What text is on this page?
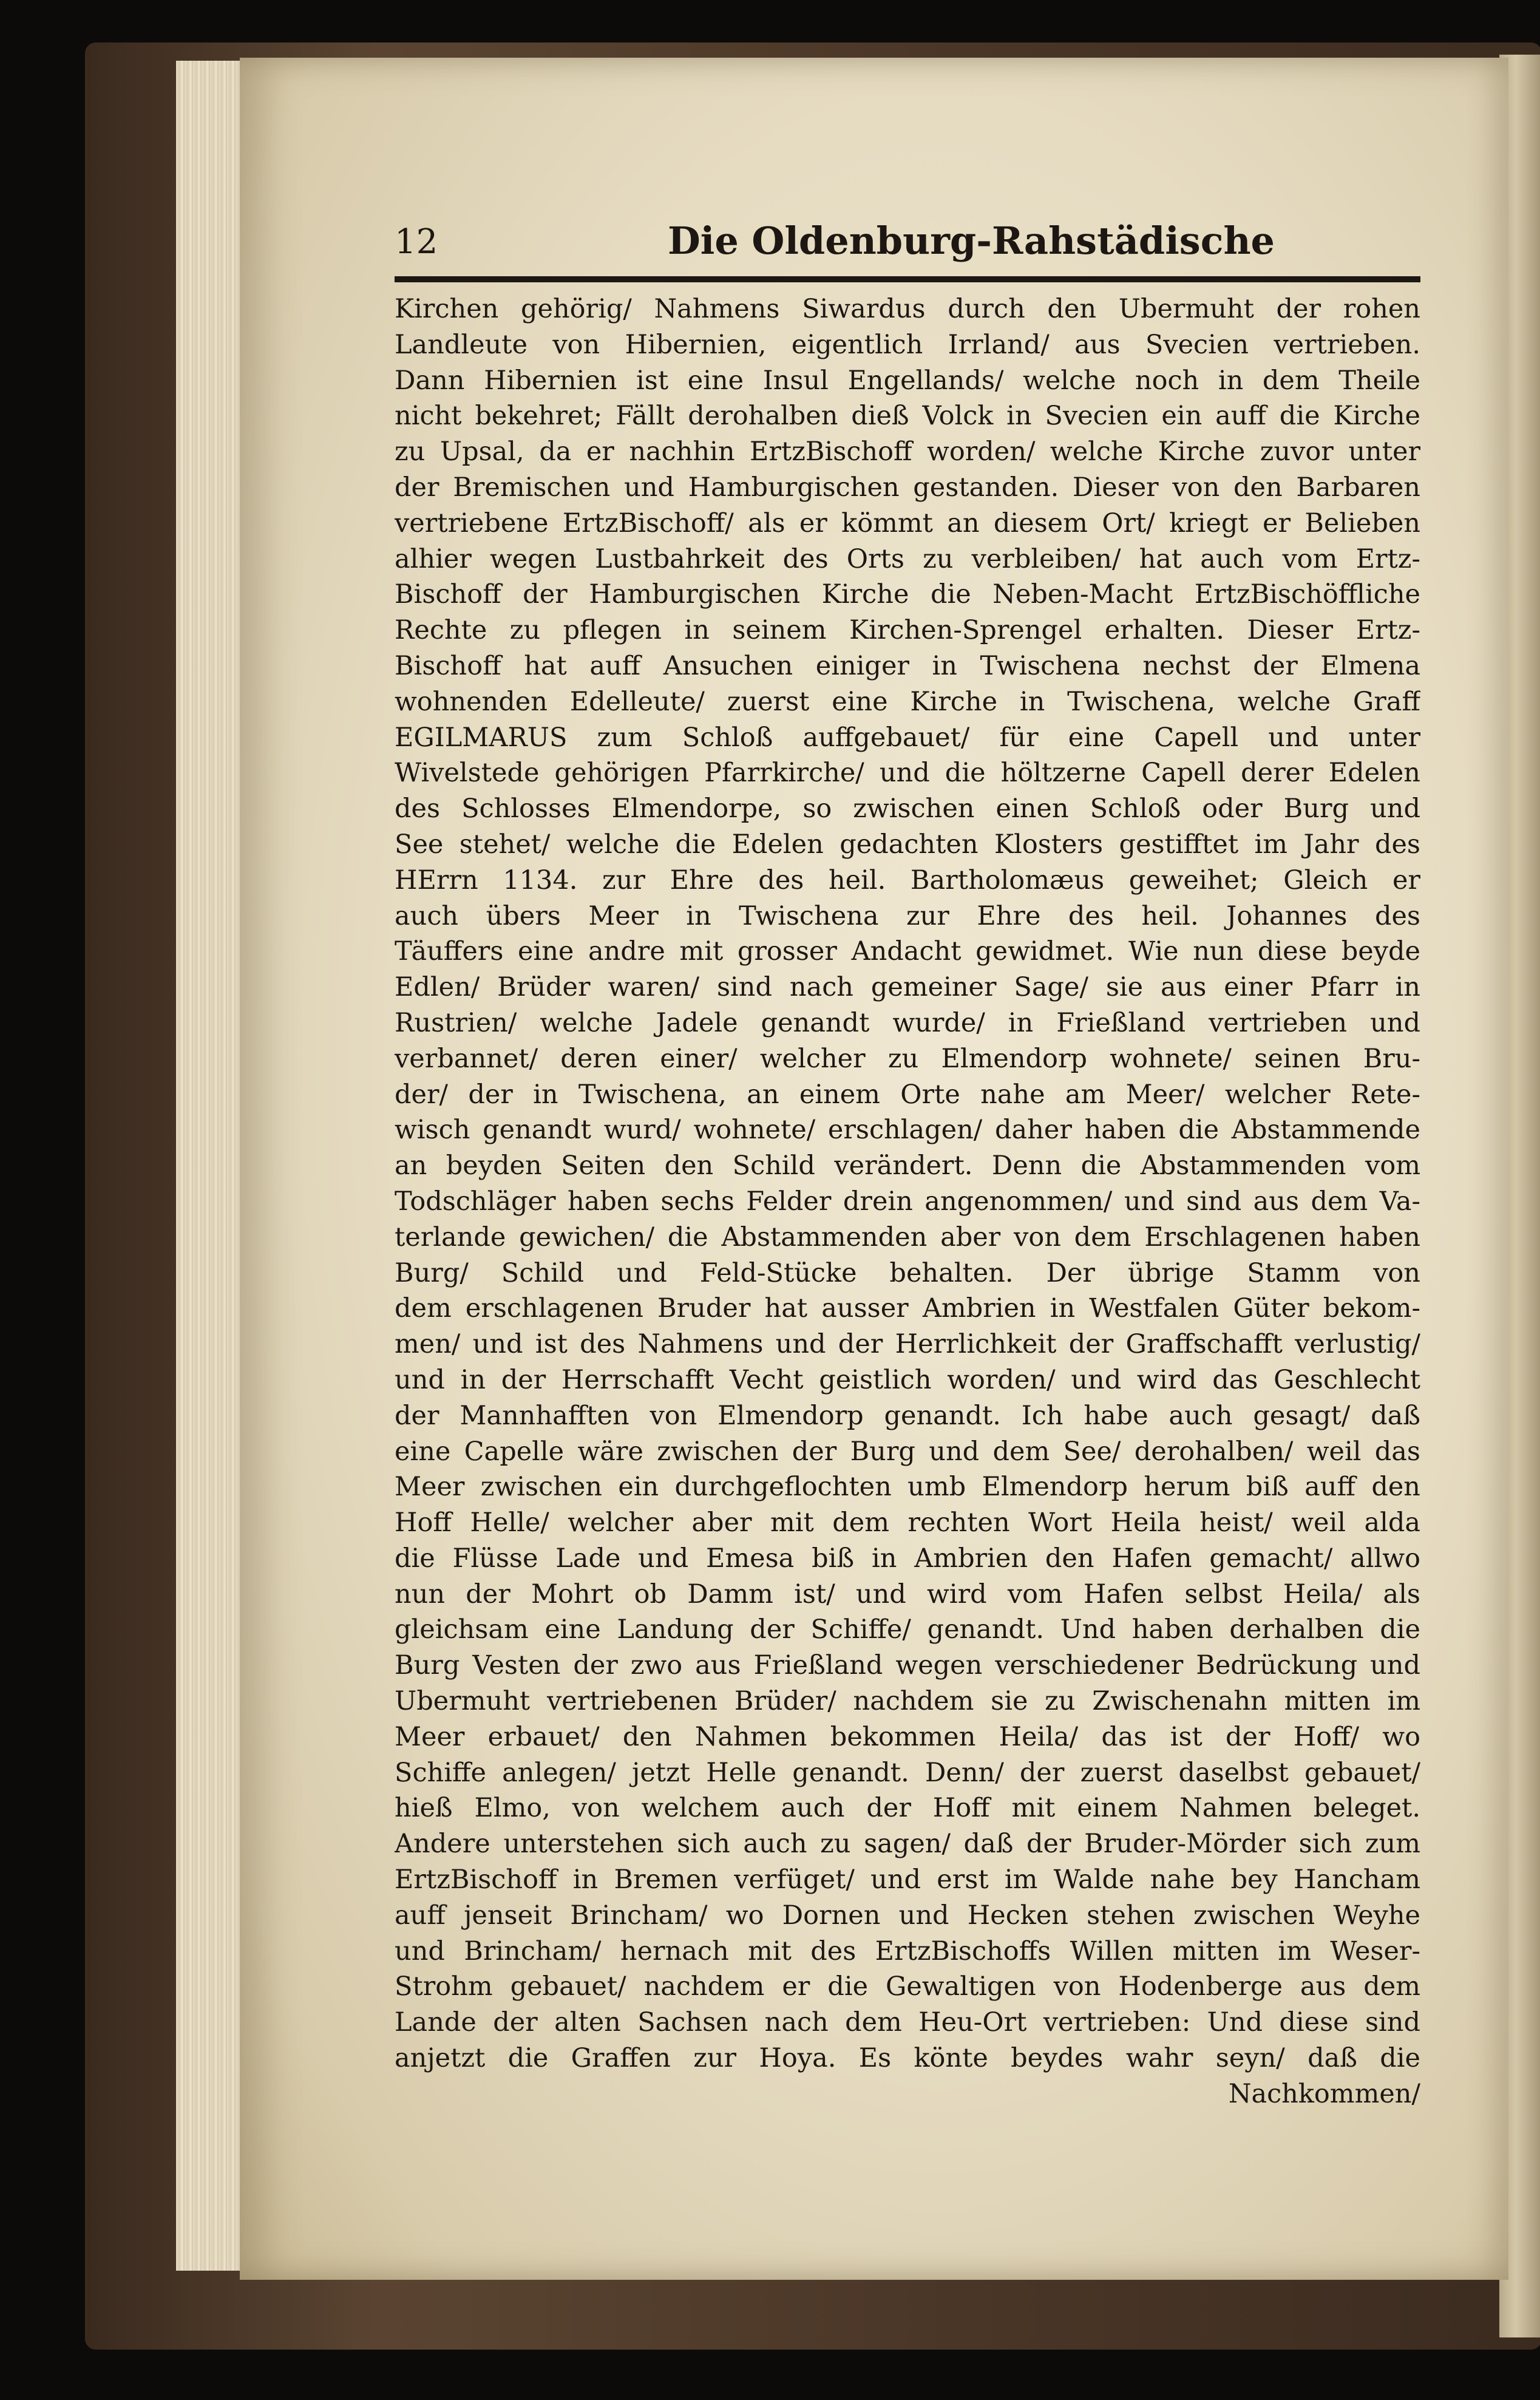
12	Die Oldenburg-Rahstädische
Kirchen gehörig/ Nahmens Siwardus durch den Ubermuht der rohen
Landleute von Hibernien, eigentlich Irrland/ aus Svecien vertrieben.
Dann Hibernien ist eine Insul Engellands/ welche noch in dem Theile
nicht bekehret; Fällt derohalben dieß Volck in Svecien ein auff die Kirche
zu Upsal, da er nachhin ErtzBischoff worden/ welche Kirche zuvor unter
der Bremischen und Hamburgischen gestanden. Dieser von den Barbaren
vertriebene ErtzBischoff/ als er kömmt an diesem Ort/ kriegt er Belieben
alhier wegen Lustbahrkeit des Orts zu verbleiben/ hat auch vom Ertz-
Bischoff der Hamburgischen Kirche die Neben-Macht ErtzBischöffliche
Rechte zu pflegen in seinem Kirchen-Sprengel erhalten. Dieser Ertz-
Bischoff hat auff Ansuchen einiger in Twischena nechst der Elmena
wohnenden Edelleute/ zuerst eine Kirche in Twischena, welche Graff
EGILMARUS zum Schloß auffgebauet/ für eine Capell und unter
Wivelstede gehörigen Pfarrkirche/ und die höltzerne Capell derer Edelen
des Schlosses Elmendorpe, so zwischen einen Schloß oder Burg und
See stehet/ welche die Edelen gedachten Klosters gestifftet im Jahr des
HErrn 1134. zur Ehre des heil. Bartholomæus geweihet; Gleich er
auch übers Meer in Twischena zur Ehre des heil. Johannes des
Täuffers eine andre mit grosser Andacht gewidmet. Wie nun diese beyde
Edlen/ Brüder waren/ sind nach gemeiner Sage/ sie aus einer Pfarr in
Rustrien/ welche Jadele genandt wurde/ in Frießland vertrieben und
verbannet/ deren einer/ welcher zu Elmendorp wohnete/ seinen Bru-
der/ der in Twischena, an einem Orte nahe am Meer/ welcher Rete-
wisch genandt wurd/ wohnete/ erschlagen/ daher haben die Abstammende
an beyden Seiten den Schild verändert. Denn die Abstammenden vom
Todschläger haben sechs Felder drein angenommen/ und sind aus dem Va-
terlande gewichen/ die Abstammenden aber von dem Erschlagenen haben
Burg/ Schild und Feld-Stücke behalten. Der übrige Stamm von
dem erschlagenen Bruder hat ausser Ambrien in Westfalen Güter bekom-
men/ und ist des Nahmens und der Herrlichkeit der Graffschafft verlustig/
und in der Herrschafft Vecht geistlich worden/ und wird das Geschlecht
der Mannhafften von Elmendorp genandt. Ich habe auch gesagt/ daß
eine Capelle wäre zwischen der Burg und dem See/ derohalben/ weil das
Meer zwischen ein durchgeflochten umb Elmendorp herum biß auff den
Hoff Helle/ welcher aber mit dem rechten Wort Heila heist/ weil alda
die Flüsse Lade und Emesa biß in Ambrien den Hafen gemacht/ allwo
nun der Mohrt ob Damm ist/ und wird vom Hafen selbst Heila/ als
gleichsam eine Landung der Schiffe/ genandt. Und haben derhalben die
Burg Vesten der zwo aus Frießland wegen verschiedener Bedrückung und
Ubermuht vertriebenen Brüder/ nachdem sie zu Zwischenahn mitten im
Meer erbauet/ den Nahmen bekommen Heila/ das ist der Hoff/ wo
Schiffe anlegen/ jetzt Helle genandt. Denn/ der zuerst daselbst gebauet/
hieß Elmo, von welchem auch der Hoff mit einem Nahmen beleget.
Andere unterstehen sich auch zu sagen/ daß der Bruder-Mörder sich zum
ErtzBischoff in Bremen verfüget/ und erst im Walde nahe bey Hancham
auff jenseit Brincham/ wo Dornen und Hecken stehen zwischen Weyhe
und Brincham/ hernach mit des ErtzBischoffs Willen mitten im Weser-
Strohm gebauet/ nachdem er die Gewaltigen von Hodenberge aus dem
Lande der alten Sachsen nach dem Heu-Ort vertrieben: Und diese sind
anjetzt die Graffen zur Hoya. Es könte beydes wahr seyn/ daß die
Nachkommen/
